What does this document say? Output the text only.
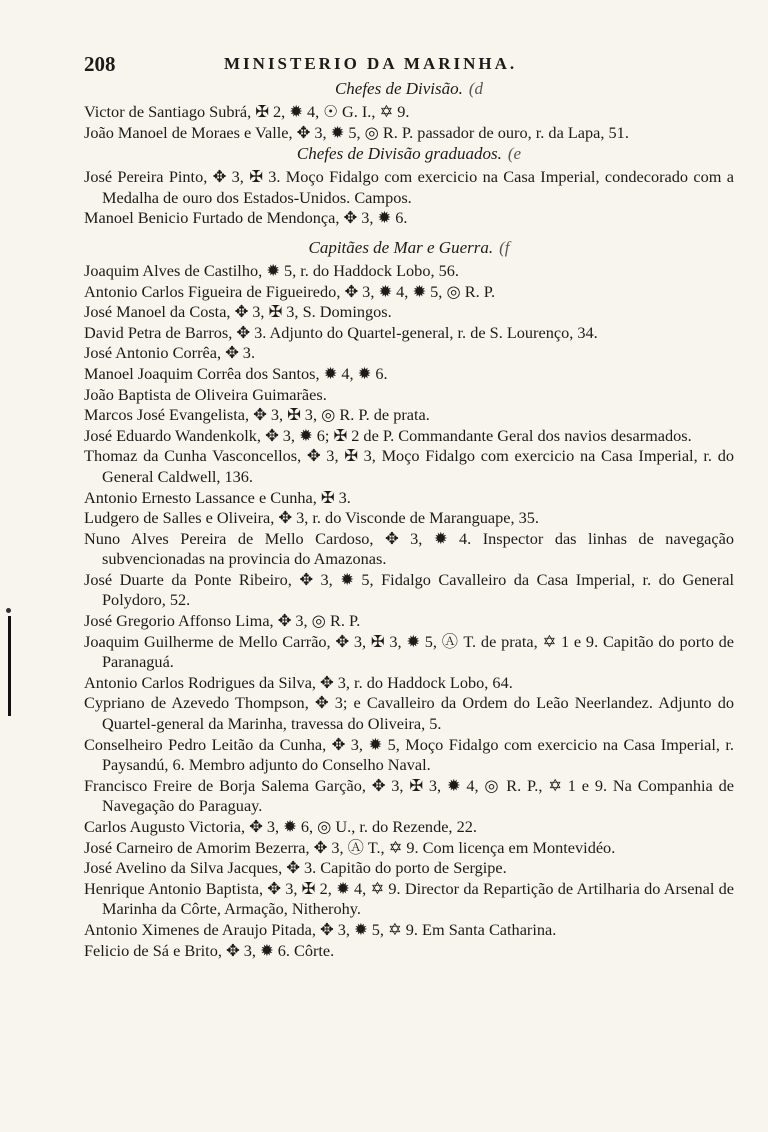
208	MINISTERIO DA MARINHA.
Chefes de Divisão. (d

Victor de Santiago Subrá, ✠ 2, ✹ 4, ☉ G. I., ✡ 9.

João Manoel de Moraes e Valle, ✥ 3, ✹ 5, ◎ R. P. passador de ouro, r. da Lapa, 51.

Chefes de Divisão graduados. (e

José Pereira Pinto, ✥ 3, ✠ 3. Moço Fidalgo com exercicio na Casa Imperial, condecorado com a Medalha de ouro dos Estados-Unidos. Campos.

Manoel Benicio Furtado de Mendonça, ✥ 3, ✹ 6.

Capitães de Mar e Guerra. (f

Joaquim Alves de Castilho, ✹ 5, r. do Haddock Lobo, 56.

Antonio Carlos Figueira de Figueiredo, ✥ 3, ✹ 4, ✹ 5, ◎ R. P.

José Manoel da Costa, ✥ 3, ✠ 3, S. Domingos.

David Petra de Barros, ✥ 3. Adjunto do Quartel-general, r. de S. Lourenço, 34.

José Antonio Corrêa, ✥ 3.

Manoel Joaquim Corrêa dos Santos, ✹ 4, ✹ 6.

João Baptista de Oliveira Guimarães.

Marcos José Evangelista, ✥ 3, ✠ 3, ◎ R. P. de prata.

José Eduardo Wandenkolk, ✥ 3, ✹ 6; ✠ 2 de P. Commandante Geral dos navios desarmados.

Thomaz da Cunha Vasconcellos, ✥ 3, ✠ 3, Moço Fidalgo com exercicio na Casa Imperial, r. do General Caldwell, 136.

Antonio Ernesto Lassance e Cunha, ✠ 3.

Ludgero de Salles e Oliveira, ✥ 3, r. do Visconde de Maranguape, 35.

Nuno Alves Pereira de Mello Cardoso, ✥ 3, ✹ 4. Inspector das linhas de navegação subvencionadas na provincia do Amazonas.

José Duarte da Ponte Ribeiro, ✥ 3, ✹ 5, Fidalgo Cavalleiro da Casa Imperial, r. do General Polydoro, 52.

José Gregorio Affonso Lima, ✥ 3, ◎ R. P.

Joaquim Guilherme de Mello Carrão, ✥ 3, ✠ 3, ✹ 5, Ⓐ T. de prata, ✡ 1 e 9. Capitão do porto de Paranaguá.

Antonio Carlos Rodrigues da Silva, ✥ 3, r. do Haddock Lobo, 64.

Cypriano de Azevedo Thompson, ✥ 3; e Cavalleiro da Ordem do Leão Neerlandez. Adjunto do Quartel-general da Marinha, travessa do Oliveira, 5.

Conselheiro Pedro Leitão da Cunha, ✥ 3, ✹ 5, Moço Fidalgo com exercicio na Casa Imperial, r. Paysandú, 6. Membro adjunto do Conselho Naval.

Francisco Freire de Borja Salema Garção, ✥ 3, ✠ 3, ✹ 4, ◎ R. P., ✡ 1 e 9. Na Companhia de Navegação do Paraguay.

Carlos Augusto Victoria, ✥ 3, ✹ 6, ◎ U., r. do Rezende, 22.

José Carneiro de Amorim Bezerra, ✥ 3, Ⓐ T., ✡ 9. Com licença em Montevidéo.

José Avelino da Silva Jacques, ✥ 3. Capitão do porto de Sergipe.

Henrique Antonio Baptista, ✥ 3, ✠ 2, ✹ 4, ✡ 9. Director da Repartição de Artilharia do Arsenal de Marinha da Côrte, Armação, Nitherohy.

Antonio Ximenes de Araujo Pitada, ✥ 3, ✹ 5, ✡ 9. Em Santa Catharina.

Felicio de Sá e Brito, ✥ 3, ✹ 6. Côrte.
